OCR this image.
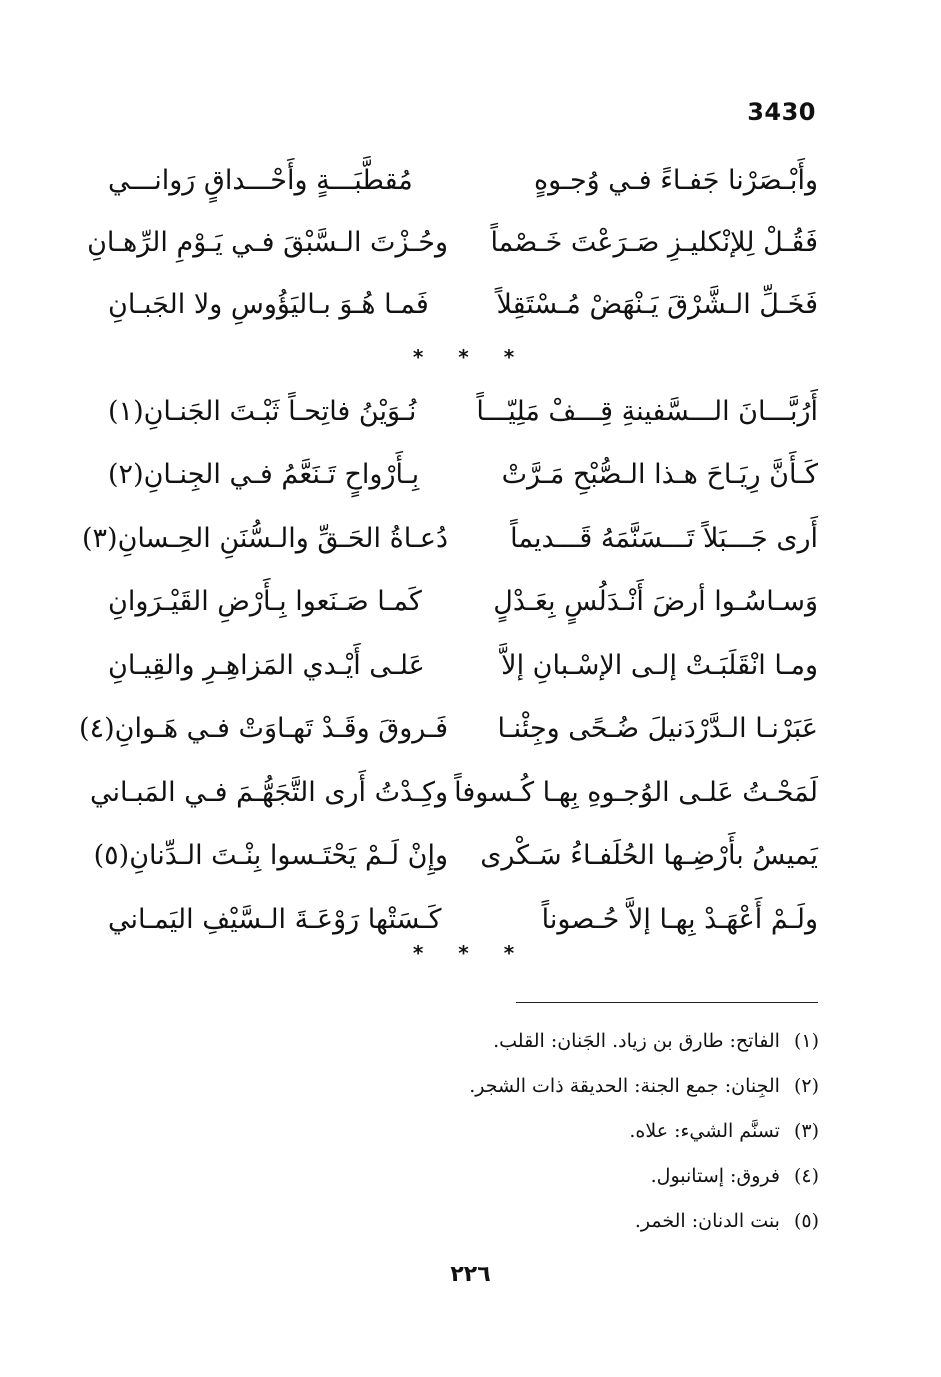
3430
وأَبْـصَرْنا جَفـاءً فـي وُجـوهٍ
مُقطَّبَـــةٍ وأَحْـــداقٍ رَوانـــي
فَقُـلْ لِلإنْكليـزِ صَـرَعْتَ خَـصْماً
وحُـزْتَ الـسَّبْقَ فـي يَـوْمِ الرِّهـانِ
فَخَـلِّ الـشَّرْقَ يَـنْهَضْ مُـسْتَقِلاً
فَمـا هُـوَ بـاليَؤُوسِ ولا الجَبـانِ
* * *
أَرُبَّـــانَ الـــسَّفينةِ قِـــفْ مَلِيّـــاً
نُـوَيْنُ فاتِحـاً ثَبْـتَ الجَنـانِ(١)
كَـأَنَّ رِيَـاحَ هـذا الـصُّبْحِ مَـرَّتْ
بِـأَرْواحٍ تَـنَعَّمُ فـي الجِنـانِ(٢)
أَرى جَـــبَلاً تَـــسَنَّمَهُ قَـــديماً
دُعـاةُ الحَـقِّ والـسُّنَنِ الحِـسانِ(٣)
وَسـاسُـوا أرضَ أَنْـدَلُسٍ بِعَـدْلٍ
كَمـا صَـنَعوا بِـأَرْضِ القَيْـرَوانِ
ومـا انْقَلَبَـتْ إلـى الإسْـبانِ إلاَّ
عَلـى أَيْـدي المَزاهِـرِ والقِيـانِ
عَبَرْنـا الـدَّرْدَنيلَ ضُـحًى وجِئْنـا
فَـروقَ وقَـدْ تَهـاوَتْ فـي هَـوانِ(٤)
لَمَحْـتُ عَلـى الوُجـوهِ بِهـا كُـسوفاً
وكِـدْتُ أَرى التَّجَهُّـمَ فـي المَبـاني
يَميسُ بأَرْضِـها الحُلَفـاءُ سَـكْرى
وإِنْ لَـمْ يَحْتَـسوا بِنْـتَ الـدِّنانِ(٥)
ولَـمْ أَعْهَـدْ بِهـا إلاَّ حُـصوناً
كَـسَتْها رَوْعَـةَ الـسَّيْفِ اليَمـاني
* * *
(١)
الفاتح: طارق بن زياد. الجَنان: القلب.
(٢)
الجِنان: جمع الجنة: الحديقة ذات الشجر.
(٣)
تسنَّم الشيء: علاه.
(٤)
فروق: إستانبول.
(٥)
بنت الدنان: الخمر.
٢٢٦
